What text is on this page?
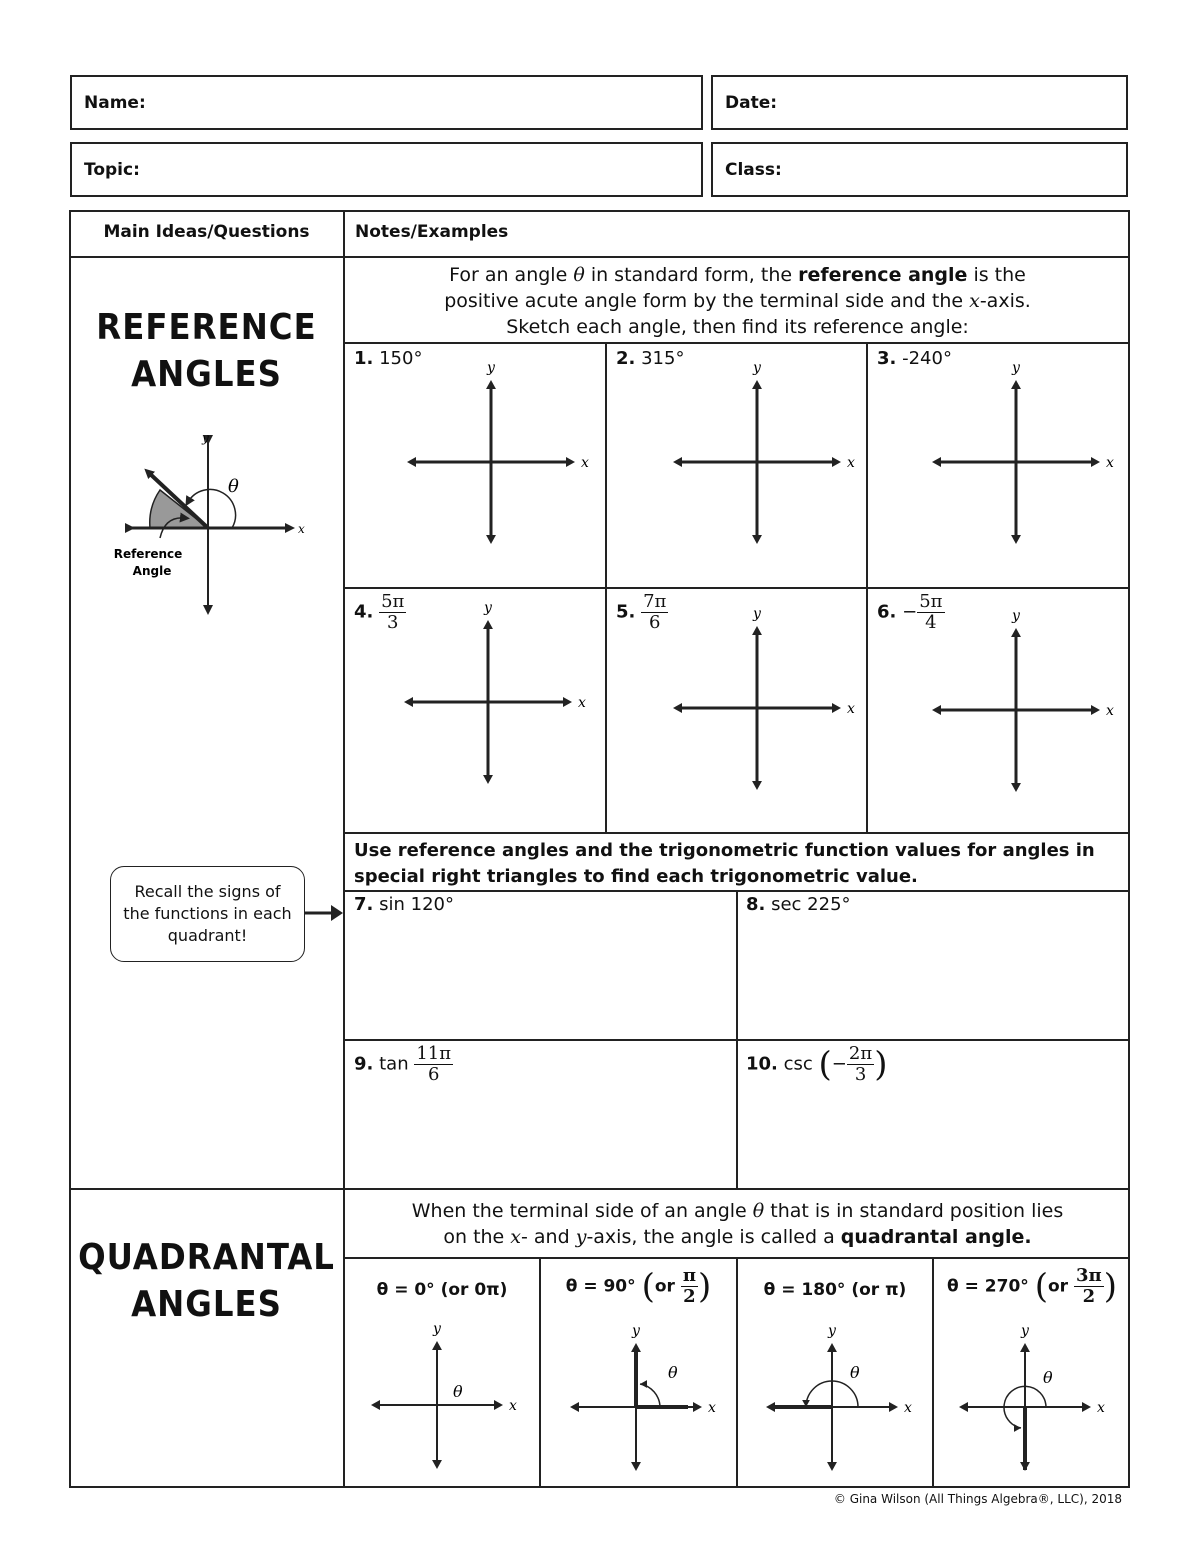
Name:	Date:
Topic:	Class:
Main Ideas/Questions	Notes/Examples
REFERENCE
ANGLES
θ
x
y
Reference
Angle
Recall the signs of the functions in each quadrant!
For an angle θ in standard form, the reference angle is the
positive acute angle form by the terminal side and the x-axis.
Sketch each angle, then find its reference angle:
1. 150°	2. 315°	3. -240°
4. $\frac{5\pi}{3}$	5. $\frac{7\pi}{6}$	6. − $\frac{5\pi}{4}$
x
y
x
y
x
y
x
y
x
y
x
y
x
y
x
y
x
y
x
y
θ
θ	θ	θ
Use reference angles and the trigonometric function values for angles in special right triangles to find each trigonometric value.
7. sin 120°	8. sec 225°
9. $\tan \frac{11\pi}{6}$	10. csc (− $\frac{2\pi}{3}$ )
QUADRANTAL
ANGLES
When the terminal side of an angle θ that is in standard position lies
on the x- and y-axis, the angle is called a quadrantal angle.
θ = 0° (or 0π)	θ = 90° ($or \frac{\pi}{2}$ )	θ = 180° (or π)	θ = 270° ($or \frac{3\pi}{2}$ )
© Gina Wilson (All Things Algebra®, LLC), 2018
